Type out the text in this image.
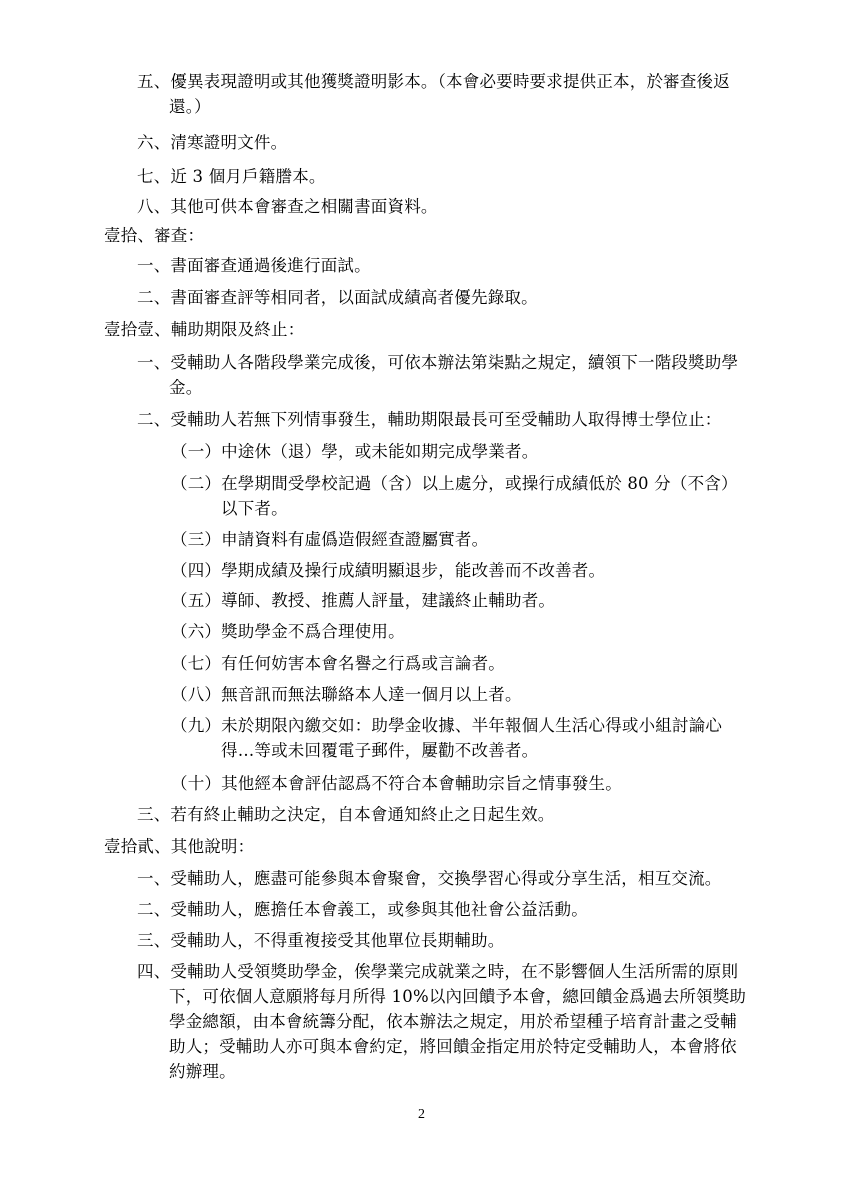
五、優異表現證明或其他獲獎證明影本。（本會必要時要求提供正本，於審查後返
還。）
六、清寒證明文件。
七、近 3 個月戶籍謄本。
八、其他可供本會審查之相關書面資料。
壹拾、審查：
一、書面審查通過後進行面試。
二、書面審查評等相同者，以面試成績高者優先錄取。
壹拾壹、輔助期限及終止：
一、受輔助人各階段學業完成後，可依本辦法第柒點之規定，續領下一階段獎助學
金。
二、受輔助人若無下列情事發生，輔助期限最長可至受輔助人取得博士學位止：
（一）中途休（退）學，或未能如期完成學業者。
（二）在學期間受學校記過（含）以上處分，或操行成績低於 80 分（不含）
以下者。
（三）申請資料有虛僞造假經查證屬實者。
（四）學期成績及操行成績明顯退步，能改善而不改善者。
（五）導師、教授、推薦人評量，建議終止輔助者。
（六）獎助學金不爲合理使用。
（七）有任何妨害本會名譽之行爲或言論者。
（八）無音訊而無法聯絡本人達一個月以上者。
（九）未於期限內繳交如：助學金收據、半年報個人生活心得或小組討論心
得…等或未回覆電子郵件，屢勸不改善者。
（十）其他經本會評估認爲不符合本會輔助宗旨之情事發生。
三、若有終止輔助之決定，自本會通知終止之日起生效。
壹拾貳、其他說明：
一、受輔助人，應盡可能參與本會聚會，交換學習心得或分享生活，相互交流。
二、受輔助人，應擔任本會義工，或參與其他社會公益活動。
三、受輔助人，不得重複接受其他單位長期輔助。
四、受輔助人受領獎助學金，俟學業完成就業之時，在不影響個人生活所需的原則
下，可依個人意願將每月所得 10%以內回饋予本會，總回饋金爲過去所領獎助
學金總額，由本會統籌分配，依本辦法之規定，用於希望種子培育計畫之受輔
助人；受輔助人亦可與本會約定，將回饋金指定用於特定受輔助人，本會將依
約辦理。
2
